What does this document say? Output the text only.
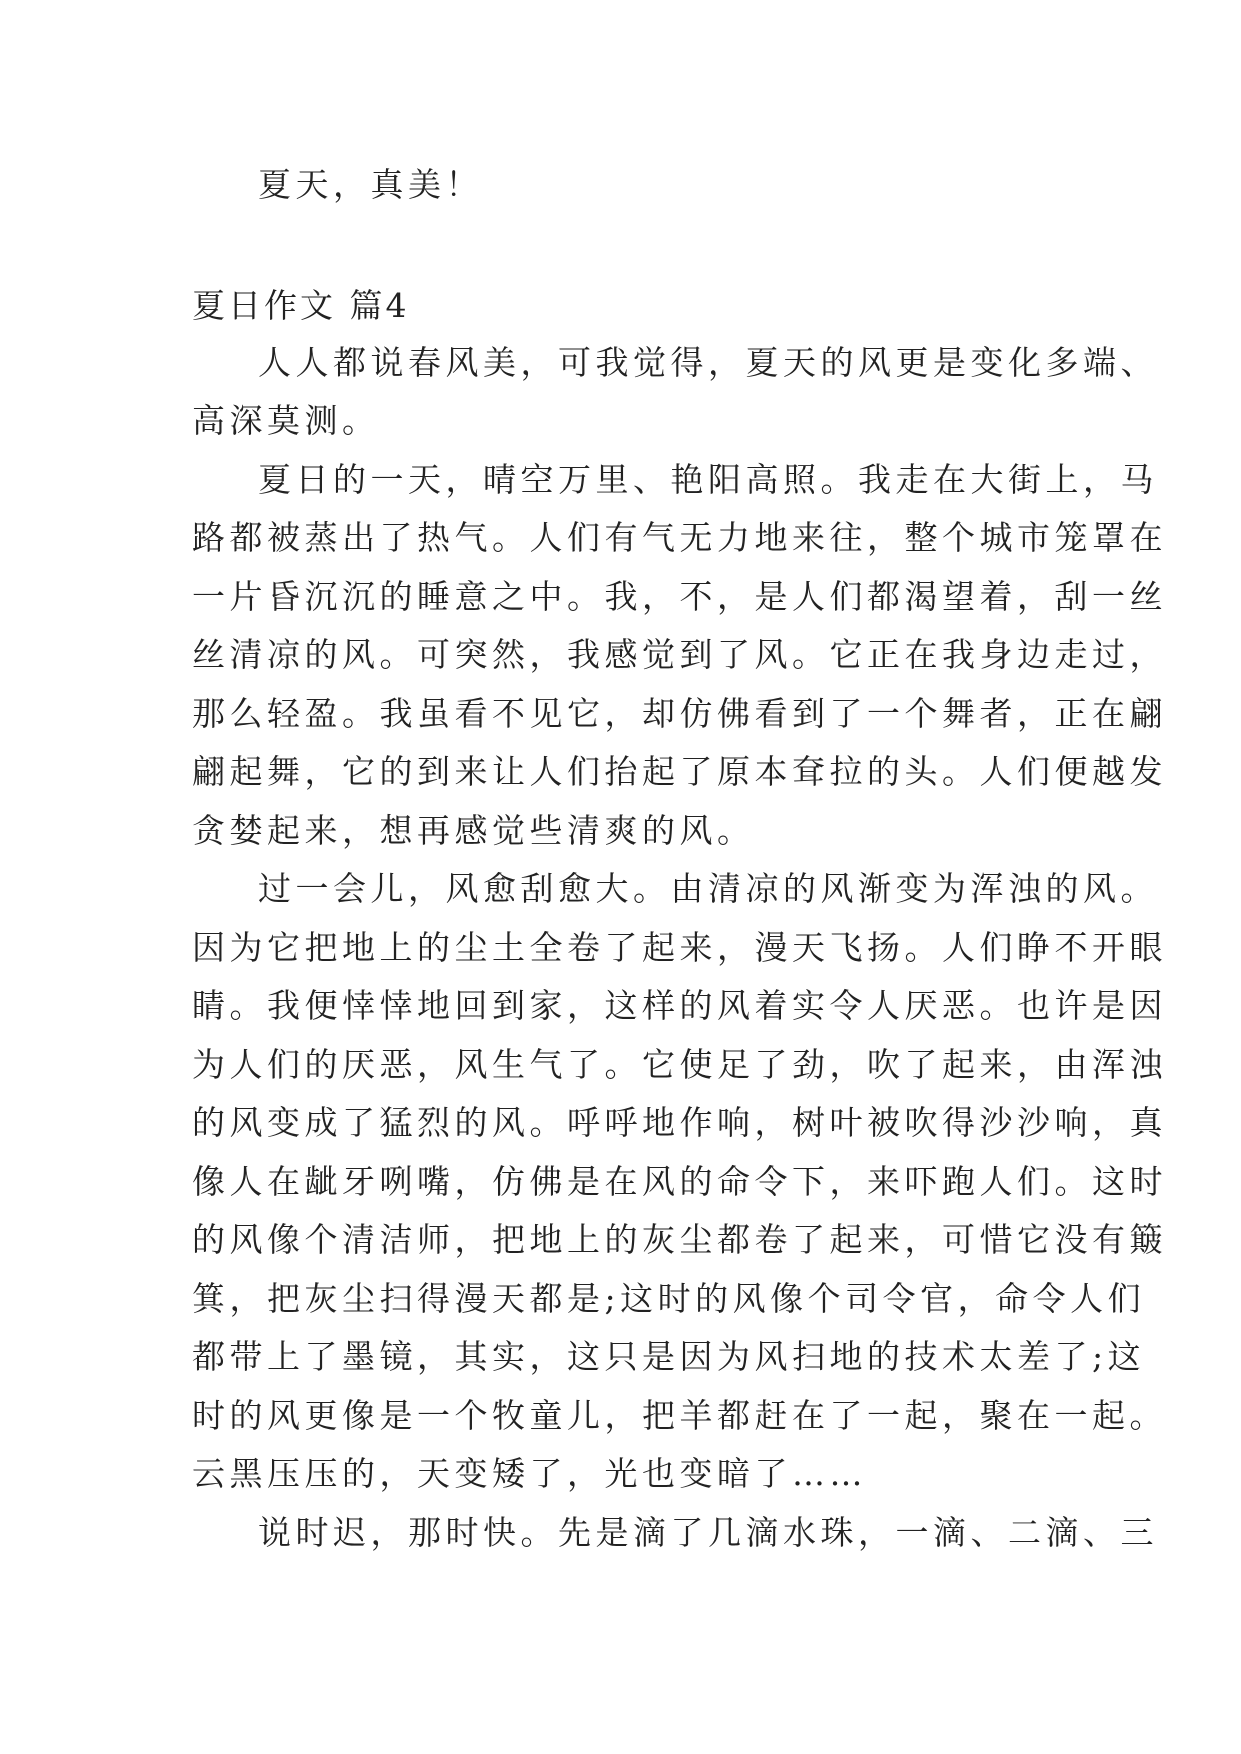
夏天，真美！
夏日作文 篇4
人人都说春风美，可我觉得，夏天的风更是变化多端、
高深莫测。
夏日的一天，晴空万里、艳阳高照。我走在大街上，马
路都被蒸出了热气。人们有气无力地来往，整个城市笼罩在
一片昏沉沉的睡意之中。我，不，是人们都渴望着，刮一丝
丝清凉的风。可突然，我感觉到了风。它正在我身边走过，
那么轻盈。我虽看不见它，却仿佛看到了一个舞者，正在翩
翩起舞，它的到来让人们抬起了原本耷拉的头。人们便越发
贪婪起来，想再感觉些清爽的风。
过一会儿，风愈刮愈大。由清凉的风渐变为浑浊的风。
因为它把地上的尘土全卷了起来，漫天飞扬。人们睁不开眼
睛。我便悻悻地回到家，这样的风着实令人厌恶。也许是因
为人们的厌恶，风生气了。它使足了劲，吹了起来，由浑浊
的风变成了猛烈的风。呼呼地作响，树叶被吹得沙沙响，真
像人在龇牙咧嘴，仿佛是在风的命令下，来吓跑人们。这时
的风像个清洁师，把地上的灰尘都卷了起来，可惜它没有簸
箕，把灰尘扫得漫天都是;这时的风像个司令官，命令人们
都带上了墨镜，其实，这只是因为风扫地的技术太差了;这
时的风更像是一个牧童儿，把羊都赶在了一起，聚在一起。
云黑压压的，天变矮了，光也变暗了……
说时迟，那时快。先是滴了几滴水珠，一滴、二滴、三
